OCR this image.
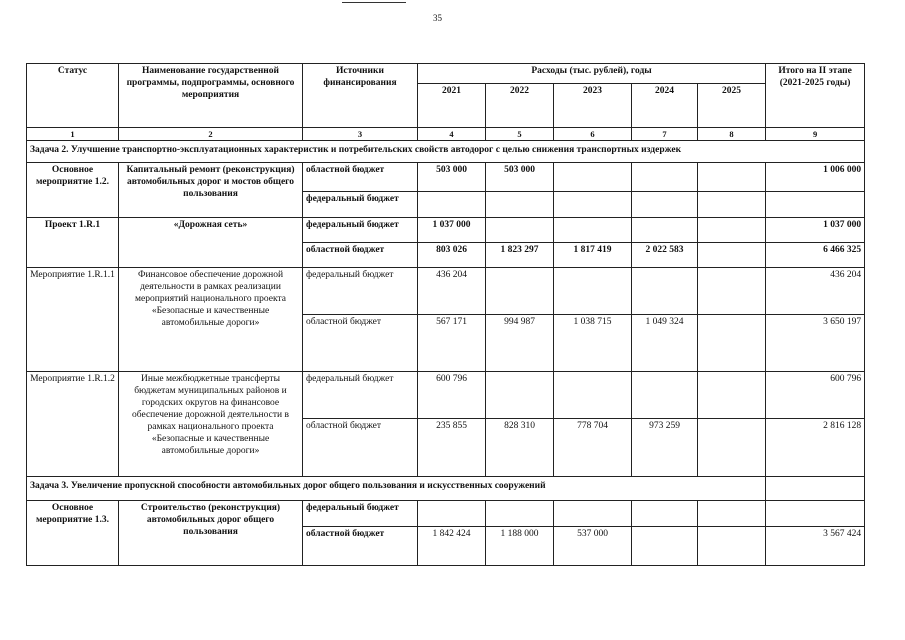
35
Статус	Наименование государственной программы, подпрограммы, основного мероприятия	Источники финансирования	Расходы (тыс. рублей), годы					Итого на II этапе (2021-2025 годы)
			2021	2022	2023	2024	2025	
1	2	3	4	5	6	7	8	9
Задача 2. Улучшение транспортно-эксплуатационных характеристик и потребительских свойств автодорог с целью снижения транспортных издержек								
Основное мероприятие 1.2.	Капитальный ремонт (реконструкция) автомобильных дорог и мостов общего пользования	областной бюджет	503 000	503 000				1 006 000
		федеральный бюджет						
Проект 1.R.1	«Дорожная сеть»	федеральный бюджет	1 037 000					1 037 000
		областной бюджет	803 026	1 823 297	1 817 419	2 022 583		6 466 325
Мероприятие 1.R.1.1	Финансовое обеспечение дорожной деятельности в рамках реализации мероприятий национального проекта «Безопасные и качественные автомобильные дороги»	федеральный бюджет	436 204					436 204
		областной бюджет	567 171	994 987	1 038 715	1 049 324		3 650 197
Мероприятие 1.R.1.2	Иные межбюджетные трансферты бюджетам муниципальных районов и городских округов на финансовое обеспечение дорожной деятельности в рамках национального проекта «Безопасные и качественные автомобильные дороги»	федеральный бюджет	600 796					600 796
		областной бюджет	235 855	828 310	778 704	973 259		2 816 128
Задача 3. Увеличение пропускной способности автомобильных дорог общего пользования и искусственных сооружений								
Основное мероприятие 1.3.	Строительство (реконструкция) автомобильных дорог общего пользования	федеральный бюджет						
		областной бюджет	1 842 424	1 188 000	537 000			3 567 424
